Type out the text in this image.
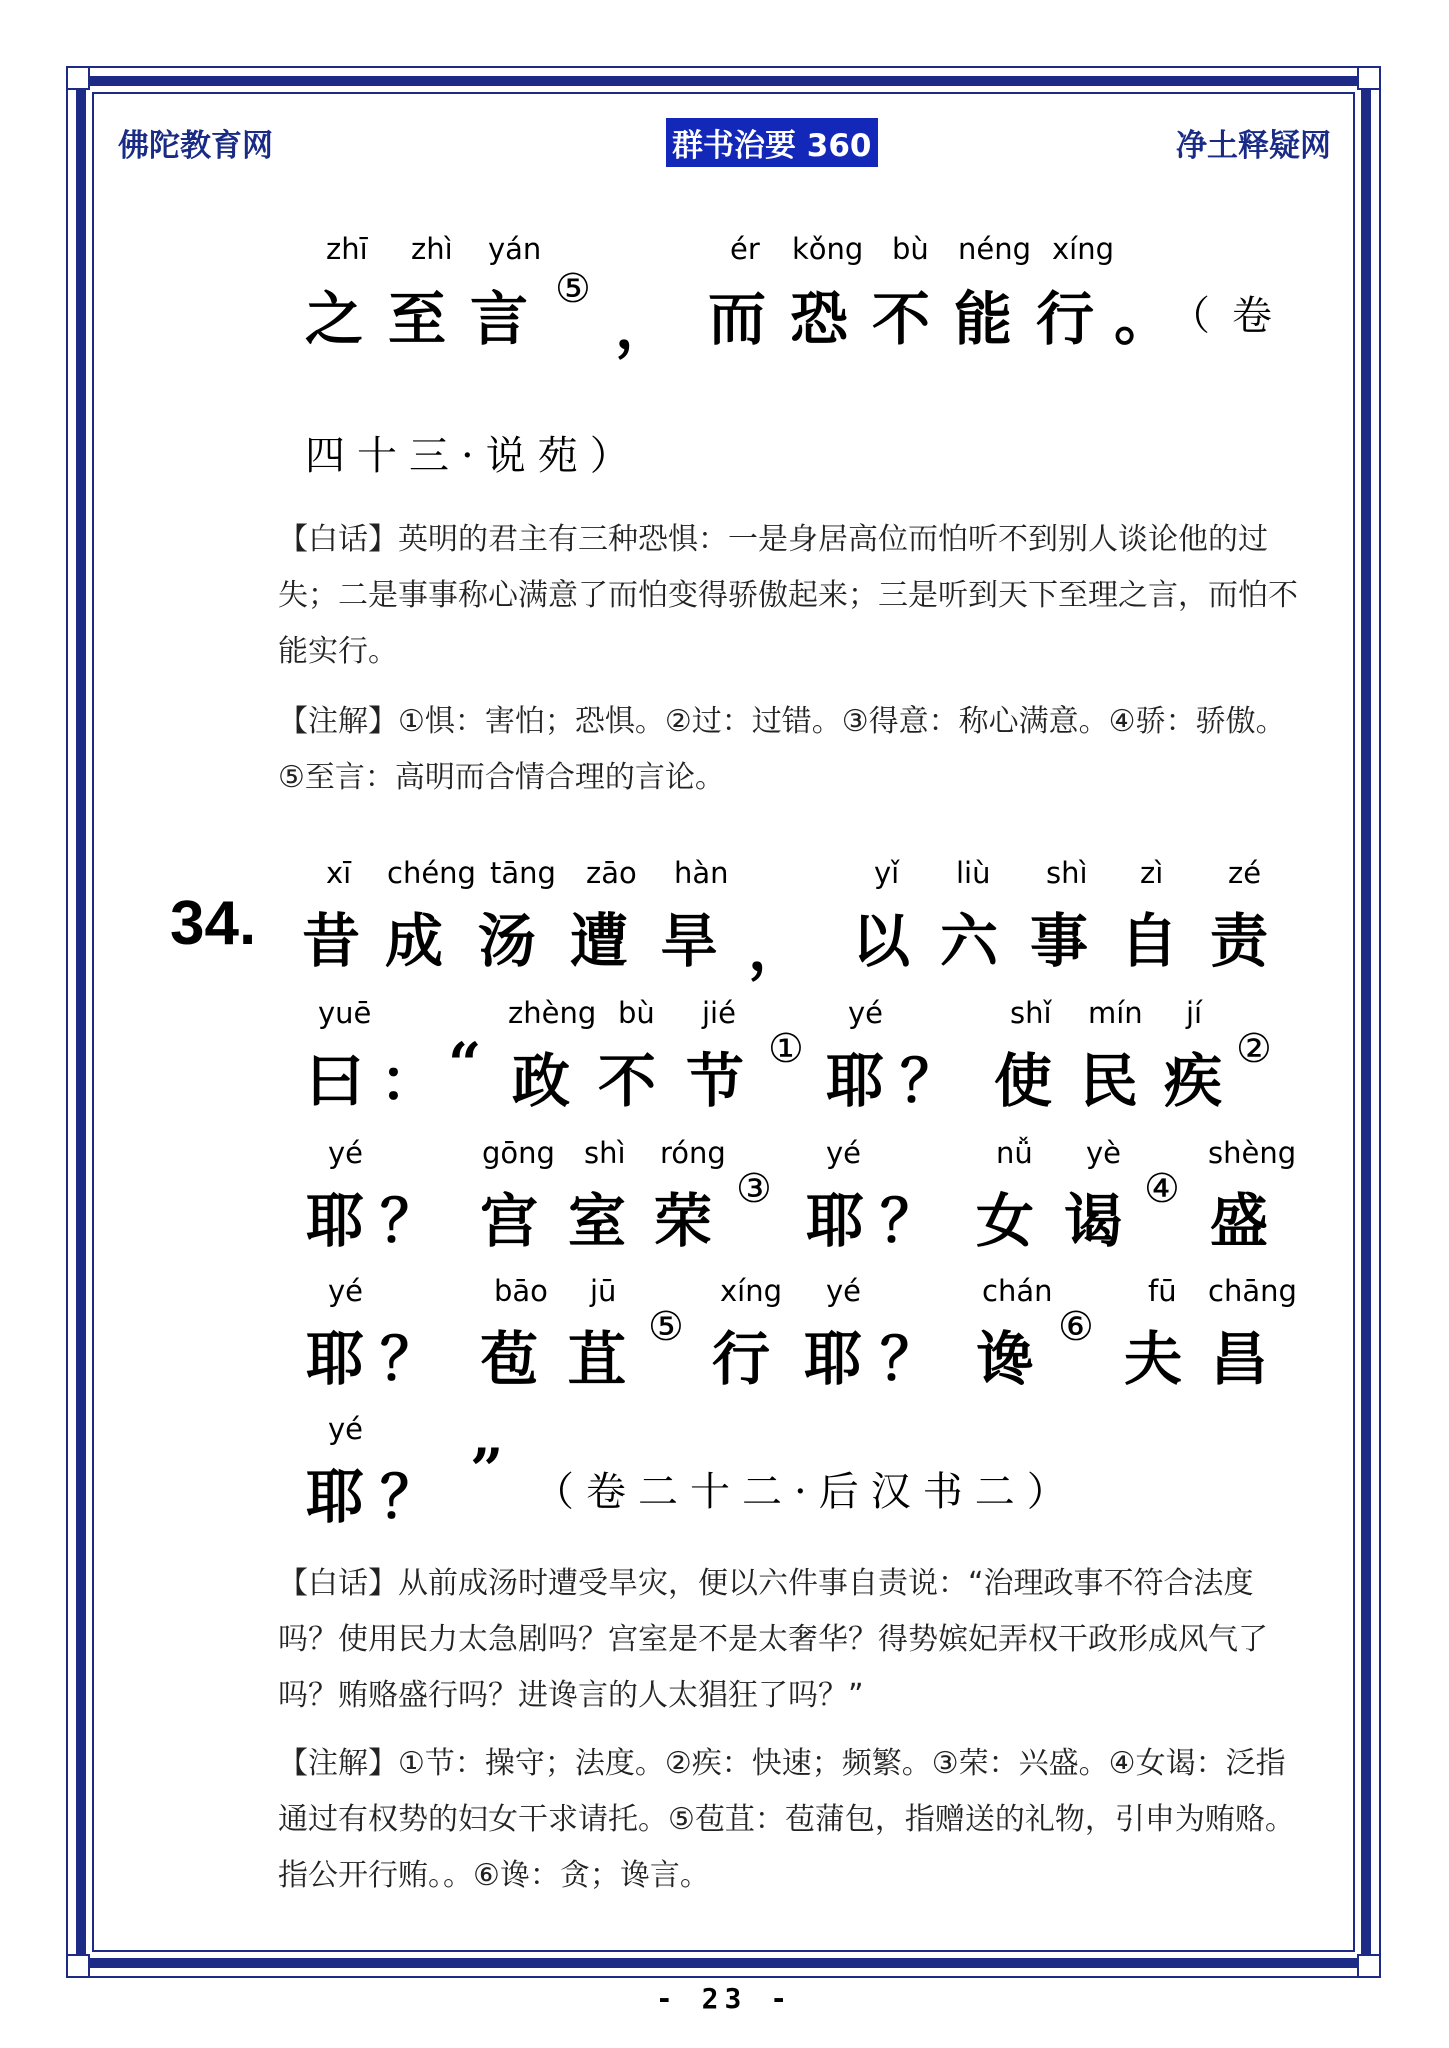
佛陀教育网	群书治要 360	净土释疑网
zhī zhì yán	ér kǒng bù néng xíng
之 至 言 ⑤
， 而 恐 不 能 行 。
（ 卷
四十三·说苑）
【白话】英明的君主有三种恐惧：一是身居高位而怕听不到别人谈论他的过失；二是事事称心满意了而怕变得骄傲起来；三是听到天下至理之言，而怕不能实行。
【注解】①惧：害怕；恐惧。②过：过错。③得意：称心满意。④骄：骄傲。⑤至言：高明而合情合理的言论。
34.
xī chéng tāng zāo hàn	yǐ liù shì zì zé
昔 成 汤 遭 旱 ， 以 六 事 自 责
yuē	zhèng bù jié	yé	shǐ mín jí
曰 ： “ 政 不 节 ① 耶 ？ 使 民 疾 ②
yé	gōng shì róng	yé	nǚ yè	shèng
耶 ？ 宫 室 荣 ③ 耶 ？ 女 谒 ④ 盛
yé	bāo jū	xíng yé	chán	fū chāng
耶 ？ 苞 苴 ⑤ 行 耶 ？ 谗 ⑥ 夫 昌
yé
耶 ？ ” （卷二十二·后汉书二）
【白话】从前成汤时遭受旱灾，便以六件事自责说：“治理政事不符合法度吗？使用民力太急剧吗？宫室是不是太奢华？得势嫔妃弄权干政形成风气了吗？贿赂盛行吗？进谗言的人太猖狂了吗？”
【注解】①节：操守；法度。②疾：快速；频繁。③荣：兴盛。④女谒：泛指通过有权势的妇女干求请托。⑤苞苴：苞蒲包，指赠送的礼物，引申为贿赂。指公开行贿。。⑥谗：贪；谗言。
- 23 -
